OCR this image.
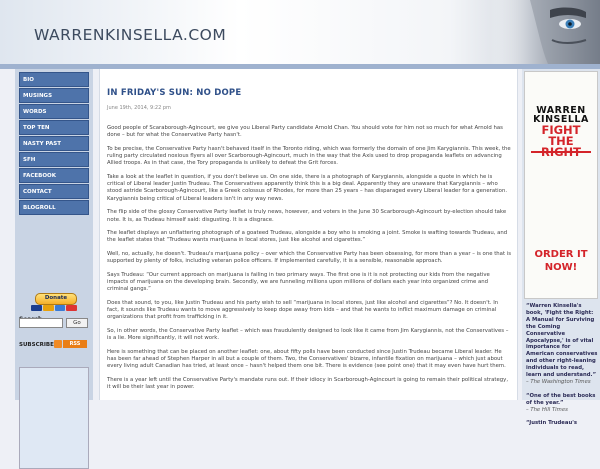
WARRENKINSELLA.COM
BIO
MUSINGS
WORDS
TOP TEN
NASTY PAST
SFH
FACEBOOK
CONTACT
BLOGROLL
Donate
Go
SUBSCRIBE	RSS
IN FRIDAY'S SUN: NO DOPE
June 19th, 2014, 9:22 pm

Good people of Scaraborough-Agincourt, we give you Liberal Party candidate Arnold Chan. You should vote for him not so much for what Arnold has done – but for what the Conservative Party hasn't.

To be precise, the Conservative Party hasn't behaved itself in the Toronto riding, which was formerly the domain of one Jim Karygiannis. This week, the ruling party circulated noxious flyers all over Scarborough-Agincourt, much in the way that the Axis used to drop propaganda leaflets on advancing Allied troops. As in that case, the Tory propaganda is unlikely to defeat the Grit forces.

Take a look at the leaflet in question, if you don't believe us. On one side, there is a photograph of Karygiannis, alongside a quote in which he is critical of Liberal leader Justin Trudeau. The Conservatives apparently think this is a big deal. Apparently they are unaware that Karygiannis – who stood astride Scarborough-Agincourt, like a Greek colossus of Rhodes, for more than 25 years – has disparaged every Liberal leader for a generation. Karygiannis being critical of Liberal leaders isn't in any way news.

The flip side of the glossy Conservative Party leaflet is truly news, however, and voters in the June 30 Scarborough-Agincourt by-election should take note. It is, as Trudeau himself said: disgusting. It is a disgrace.

The leaflet displays an unflattering photograph of a goateed Trudeau, alongside a boy who is smoking a joint. Smoke is wafting towards Trudeau, and the leaflet states that “Trudeau wants marijuana in local stores, just like alcohol and cigarettes.”

Well, no, actually, he doesn't. Trudeau's marijuana policy – over which the Conservative Party has been obsessing, for more than a year – is one that is supported by plenty of folks, including veteran police officers. If implemented carefully, it is a sensible, reasonable approach.

Says Trudeau: “Our current approach on marijuana is failing in two primary ways. The first one is it is not protecting our kids from the negative impacts of marijuana on the developing brain. Secondly, we are funneling millions upon millions of dollars each year into organized crime and criminal gangs.”

Does that sound, to you, like Justin Trudeau and his party wish to sell “marijuana in local stores, just like alcohol and cigarettes”? No. It doesn't. In fact, it sounds like Trudeau wants to move aggressively to keep dope away from kids – and that he wants to inflict maximum damage on criminal organizations that profit from trafficking in it.

So, in other words, the Conservative Party leaflet – which was fraudulently designed to look like it came from Jim Karygiannis, not the Conservatives – is a lie. More significantly, it will not work.

Here is something that can be placed on another leaflet: one, about fifty polls have been conducted since Justin Trudeau became Liberal leader. He has been far ahead of Stephen Harper in all but a couple of them. Two, the Conservatives' bizarre, infantile fixation on marijuana – which just about every living adult Canadian has tried, at least once – hasn't helped them one bit. There is evidence (see point one) that it may even have hurt them.

There is a year left until the Conservative Party's mandate runs out. If their idiocy in Scarborough-Agincourt is going to remain their political strategy, it will be their last year in power.

WARREN KINSELLA
FIGHT THE
ORDER IT NOW!
“Warren Kinsella's book, 'Fight the Right: A Manual for Surviving the Coming Conservative Apocalypse,' is of vital importance for American conservatives and other right-leaning individuals to read, learn and understand.”
– The Washington Times

“One of the best books of the year.”
– The Hill Times

“Justin Trudeau's
